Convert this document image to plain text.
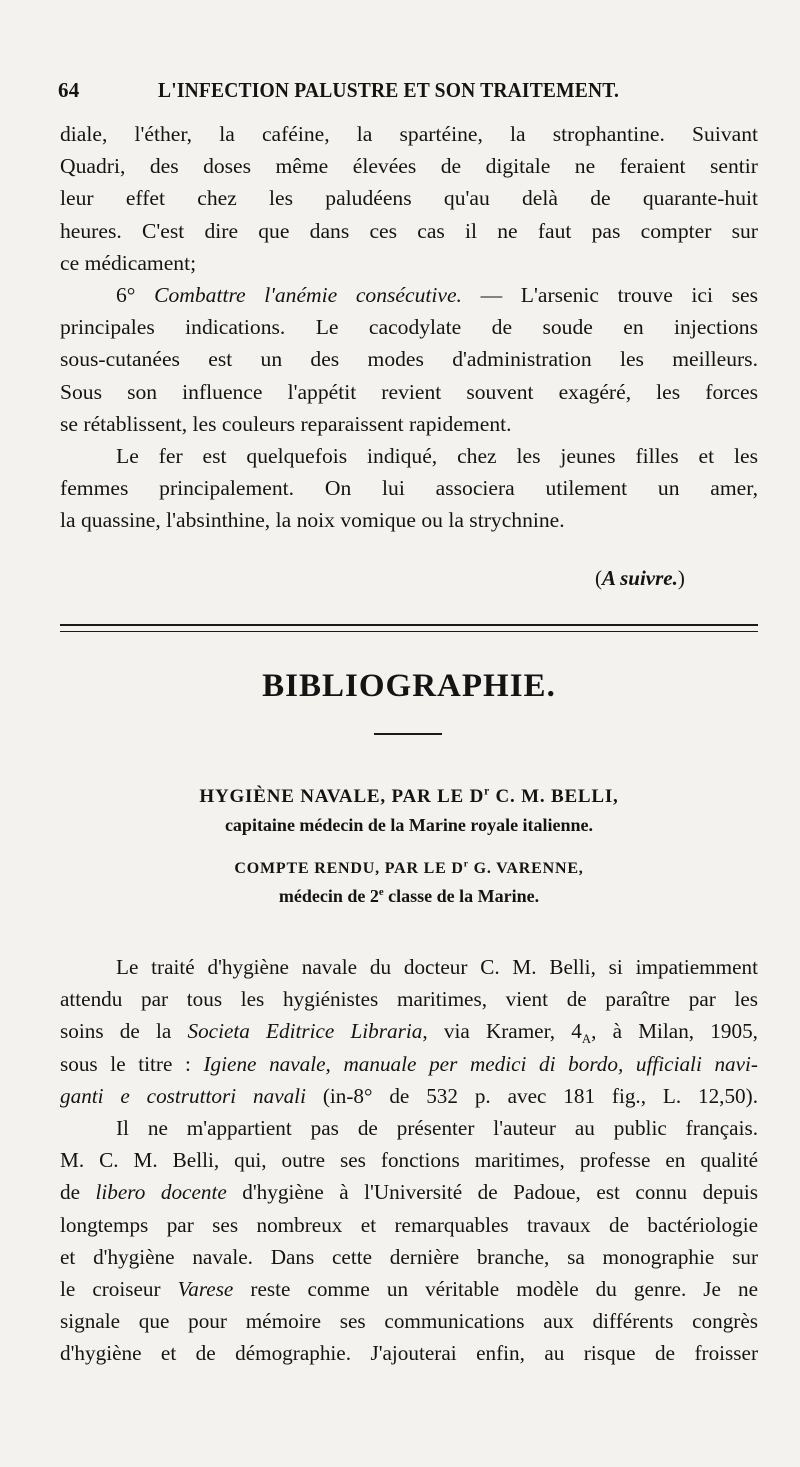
64	L'INFECTION PALUSTRE ET SON TRAITEMENT.
diale, l'éther, la caféine, la spartéine, la strophantine. Suivant
Quadri, des doses même élevées de digitale ne feraient sentir
leur effet chez les paludéens qu'au delà de quarante-huit
heures. C'est dire que dans ces cas il ne faut pas compter sur
ce médicament;
6° Combattre l'anémie consécutive. — L'arsenic trouve ici ses
principales indications. Le cacodylate de soude en injections
sous-cutanées est un des modes d'administration les meilleurs.
Sous son influence l'appétit revient souvent exagéré, les forces
se rétablissent, les couleurs reparaissent rapidement.
Le fer est quelquefois indiqué, chez les jeunes filles et les
femmes principalement. On lui associera utilement un amer,
la quassine, l'absinthine, la noix vomique ou la strychnine.
(A suivre.)
BIBLIOGRAPHIE.
HYGIÈNE NAVALE, PAR LE $D^r$ C. M. BELLI,
capitaine médecin de la Marine royale italienne.
COMPTE RENDU, PAR LE $D^r$ G. VARENNE,
médecin de 2e classe de la Marine.
Le traité d'hygiène navale du docteur C. M. Belli, si impatiemment
attendu par tous les hygiénistes maritimes, vient de paraître par les
soins de la Societa Editrice Libraria, via Kramer, $4_A$, à Milan, 1905,
sous le titre : Igiene navale, manuale per medici di bordo, ufficiali navi-
ganti e costruttori navali (in-8° de 532 p. avec 181 fig., L. 12,50).
Il ne m'appartient pas de présenter l'auteur au public français.
M. C. M. Belli, qui, outre ses fonctions maritimes, professe en qualité
de libero docente d'hygiène à l'Université de Padoue, est connu depuis
longtemps par ses nombreux et remarquables travaux de bactériologie
et d'hygiène navale. Dans cette dernière branche, sa monographie sur
le croiseur Varese reste comme un véritable modèle du genre. Je ne
signale que pour mémoire ses communications aux différents congrès
d'hygiène et de démographie. J'ajouterai enfin, au risque de froisser
